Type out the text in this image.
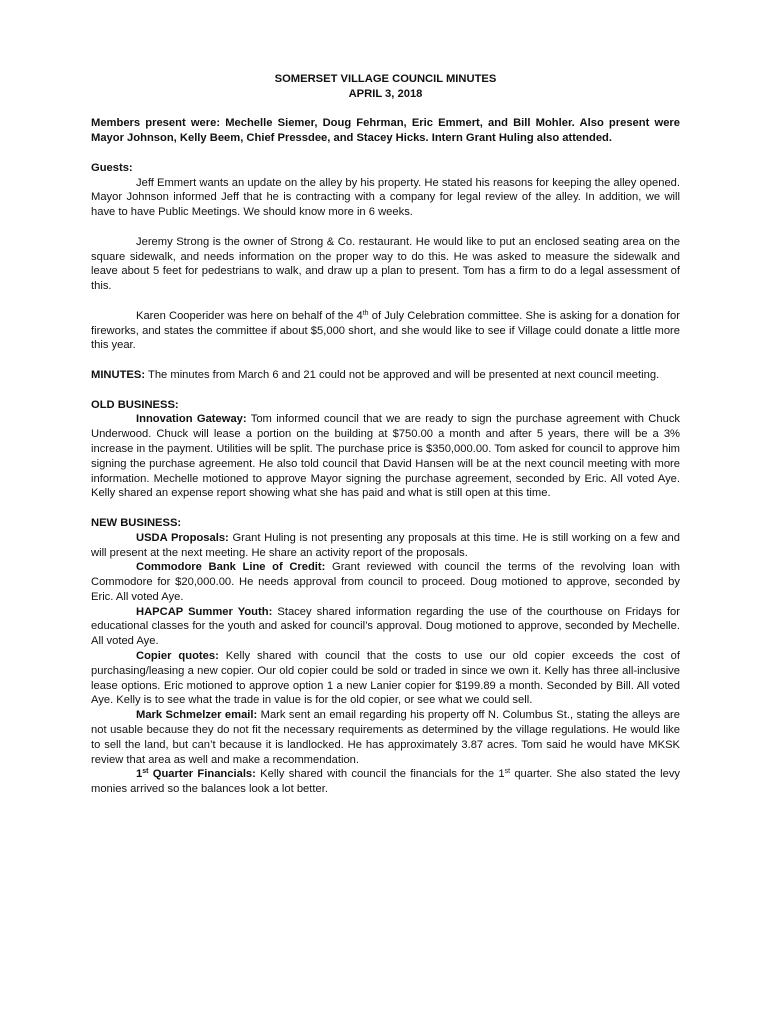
SOMERSET VILLAGE COUNCIL MINUTES
APRIL 3, 2018

Members present were: Mechelle Siemer, Doug Fehrman, Eric Emmert, and Bill Mohler. Also present were Mayor Johnson, Kelly Beem, Chief Pressdee, and Stacey Hicks. Intern Grant Huling also attended.

Guests:

Jeff Emmert wants an update on the alley by his property. He stated his reasons for keeping the alley opened. Mayor Johnson informed Jeff that he is contracting with a company for legal review of the alley. In addition, we will have to have Public Meetings. We should know more in 6 weeks.

Jeremy Strong is the owner of Strong & Co. restaurant. He would like to put an enclosed seating area on the square sidewalk, and needs information on the proper way to do this. He was asked to measure the sidewalk and leave about 5 feet for pedestrians to walk, and draw up a plan to present. Tom has a firm to do a legal assessment of this.

Karen Cooperider was here on behalf of the 4th of July Celebration committee. She is asking for a donation for fireworks, and states the committee if about $5,000 short, and she would like to see if Village could donate a little more this year.

MINUTES: The minutes from March 6 and 21 could not be approved and will be presented at next council meeting.

OLD BUSINESS:

Innovation Gateway: Tom informed council that we are ready to sign the purchase agreement with Chuck Underwood. Chuck will lease a portion on the building at $750.00 a month and after 5 years, there will be a 3% increase in the payment. Utilities will be split. The purchase price is $350,000.00. Tom asked for council to approve him signing the purchase agreement. He also told council that David Hansen will be at the next council meeting with more information. Mechelle motioned to approve Mayor signing the purchase agreement, seconded by Eric. All voted Aye. Kelly shared an expense report showing what she has paid and what is still open at this time.

NEW BUSINESS:

USDA Proposals: Grant Huling is not presenting any proposals at this time. He is still working on a few and will present at the next meeting. He share an activity report of the proposals.

Commodore Bank Line of Credit: Grant reviewed with council the terms of the revolving loan with Commodore for $20,000.00. He needs approval from council to proceed. Doug motioned to approve, seconded by Eric. All voted Aye.

HAPCAP Summer Youth: Stacey shared information regarding the use of the courthouse on Fridays for educational classes for the youth and asked for council’s approval. Doug motioned to approve, seconded by Mechelle. All voted Aye.

Copier quotes: Kelly shared with council that the costs to use our old copier exceeds the cost of purchasing/leasing a new copier. Our old copier could be sold or traded in since we own it. Kelly has three all-inclusive lease options. Eric motioned to approve option 1 a new Lanier copier for $199.89 a month. Seconded by Bill. All voted Aye. Kelly is to see what the trade in value is for the old copier, or see what we could sell.

Mark Schmelzer email: Mark sent an email regarding his property off N. Columbus St., stating the alleys are not usable because they do not fit the necessary requirements as determined by the village regulations. He would like to sell the land, but can’t because it is landlocked. He has approximately 3.87 acres. Tom said he would have MKSK review that area as well and make a recommendation.

1st Quarter Financials: Kelly shared with council the financials for the 1st quarter. She also stated the levy monies arrived so the balances look a lot better.
